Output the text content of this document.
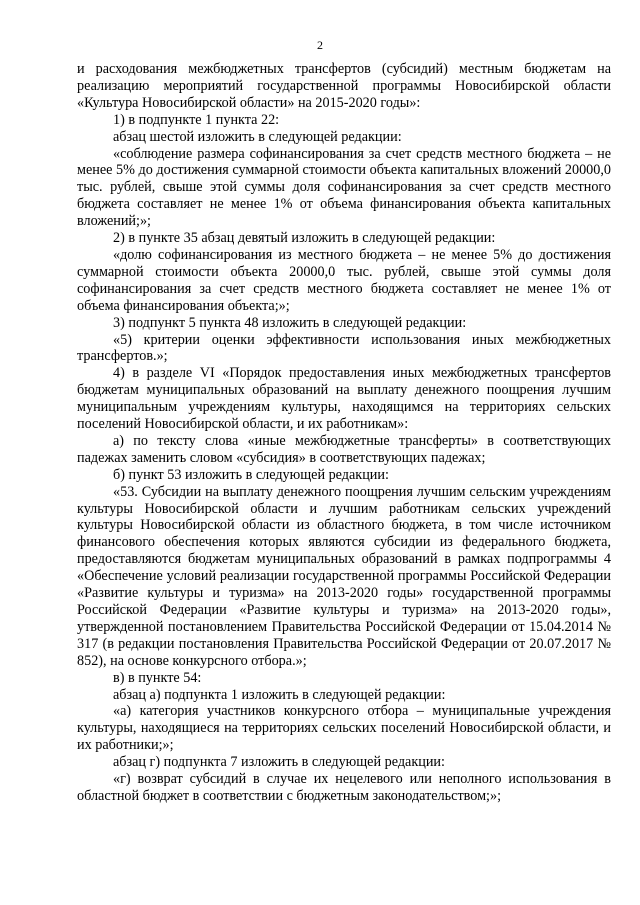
2

и расходования межбюджетных трансфертов (субсидий) местным бюджетам на реализацию мероприятий государственной программы Новосибирской области «Культура Новосибирской области» на 2015-2020 годы»:

1) в подпункте 1 пункта 22:

абзац шестой изложить в следующей редакции:

«соблюдение размера софинансирования за счет средств местного бюджета – не менее 5% до достижения суммарной стоимости объекта капитальных вложений 20000,0 тыс. рублей, свыше этой суммы доля софинансирования за счет средств местного бюджета составляет не менее 1% от объема финансирования объекта капитальных вложений;»;

2) в пункте 35 абзац девятый изложить в следующей редакции:

«долю софинансирования из местного бюджета – не менее 5% до достижения суммарной стоимости объекта 20000,0 тыс. рублей, свыше этой суммы доля софинансирования за счет средств местного бюджета составляет не менее 1% от объема финансирования объекта;»;

3) подпункт 5 пункта 48 изложить в следующей редакции:

«5) критерии оценки эффективности использования иных межбюджетных трансфертов.»;

4) в разделе VI «Порядок предоставления иных межбюджетных трансфертов бюджетам муниципальных образований на выплату денежного поощрения лучшим муниципальным учреждениям культуры, находящимся на территориях сельских поселений Новосибирской области, и их работникам»:

а) по тексту слова «иные межбюджетные трансферты» в соответствующих падежах заменить словом «субсидия» в соответствующих падежах;

б) пункт 53 изложить в следующей редакции:

«53. Субсидии на выплату денежного поощрения лучшим сельским учреждениям культуры Новосибирской области и лучшим работникам сельских учреждений культуры Новосибирской области из областного бюджета, в том числе источником финансового обеспечения которых являются субсидии из федерального бюджета, предоставляются бюджетам муниципальных образований в рамках подпрограммы 4 «Обеспечение условий реализации государственной программы Российской Федерации «Развитие культуры и туризма» на 2013-2020 годы» государственной программы Российской Федерации «Развитие культуры и туризма» на 2013-2020 годы», утвержденной постановлением Правительства Российской Федерации от 15.04.2014 № 317 (в редакции постановления Правительства Российской Федерации от 20.07.2017 № 852), на основе конкурсного отбора.»;

в) в пункте 54:

абзац а) подпункта 1 изложить в следующей редакции:

«а) категория участников конкурсного отбора – муниципальные учреждения культуры, находящиеся на территориях сельских поселений Новосибирской области, и их работники;»;

абзац г) подпункта 7 изложить в следующей редакции:

«г) возврат субсидий в случае их нецелевого или неполного использования в областной бюджет в соответствии с бюджетным законодательством;»;
